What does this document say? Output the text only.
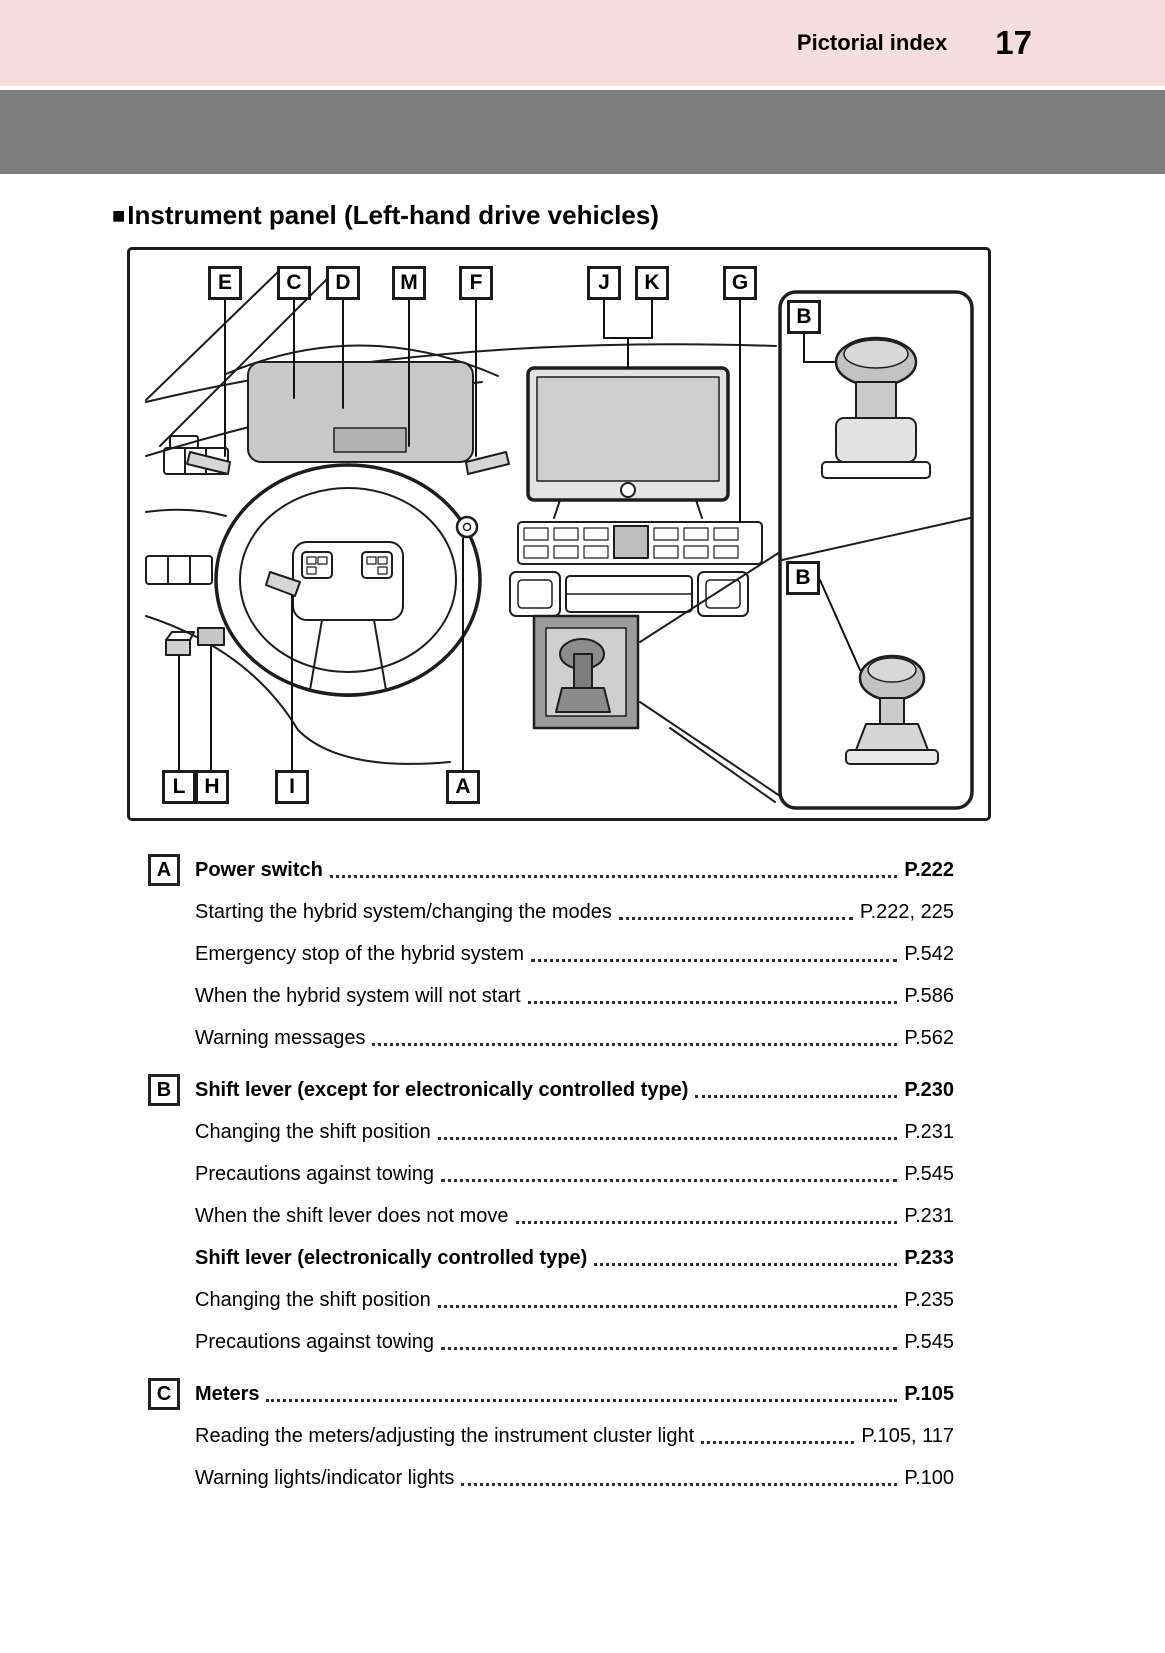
Pictorial index 17
■ Instrument panel (Left-hand drive vehicles)
E	C	D	M	F	J	K	G
B
B
L H	I	A
A	Power switch	P.222
Starting the hybrid system/changing the modes	P.222, 225
Emergency stop of the hybrid system	P.542
When the hybrid system will not start	P.586
Warning messages	P.562
B	Shift lever (except for electronically controlled type)	P.230
Changing the shift position	P.231
Precautions against towing	P.545
When the shift lever does not move	P.231
Shift lever (electronically controlled type)	P.233
Changing the shift position	P.235
Precautions against towing	P.545
C	Meters	P.105
Reading the meters/adjusting the instrument cluster light	P.105, 117
Warning lights/indicator lights	P.100
